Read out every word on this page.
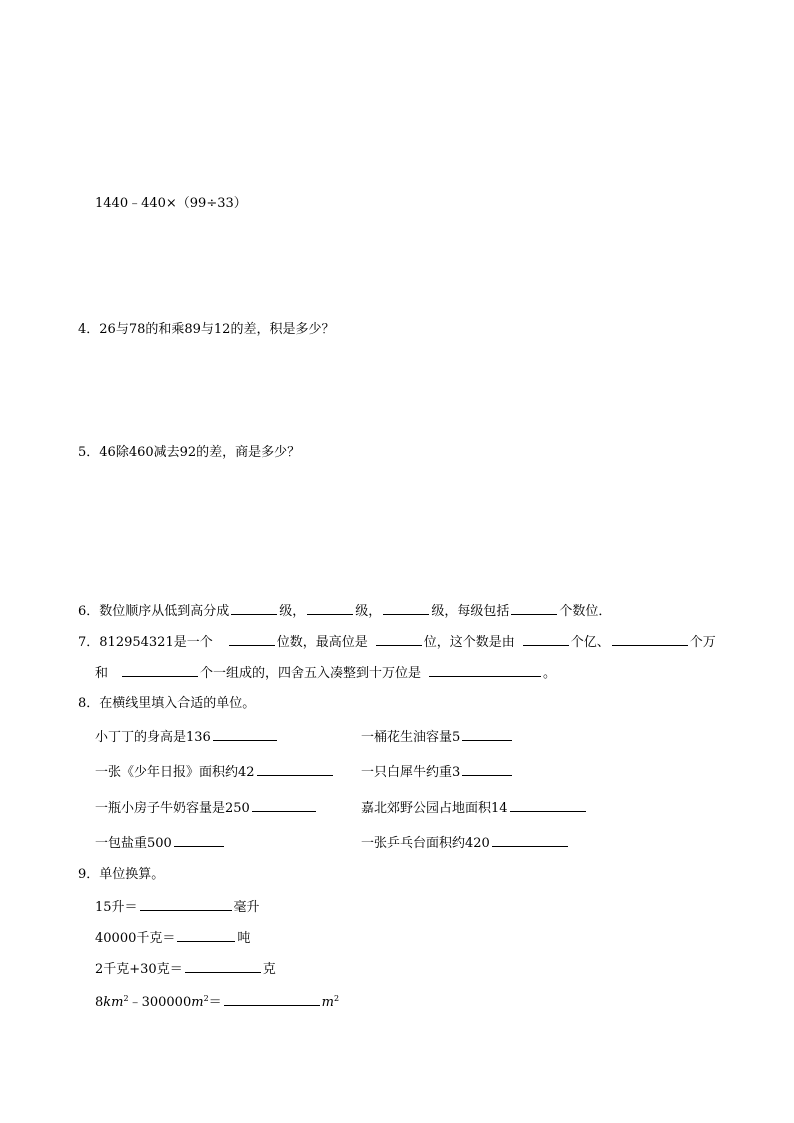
1440﹣440×（99÷33）
4．26与78的和乘89与12的差，积是多少？
5．46除460减去92的差，商是多少？
6．数位顺序从低到高分成	级，	级，	级，每级包括	个数位．
7．812954321是一个	位数，最高位是	位，这个数是由	个亿、	个万
和	个一组成的，四舍五入凑整到十万位是	。
8．在横线里填入合适的单位。
小丁丁的身高是136	一桶花生油容量5
一张《少年日报》面积约42	一只白犀牛约重3
一瓶小房子牛奶容量是250	嘉北郊野公园占地面积14
一包盐重500	一张乒乓台面积约420
9．单位换算。
15升＝	毫升
40000千克＝	吨
2千克+30克＝	克
$8km^2﹣300000m^2=$	$m^2$
